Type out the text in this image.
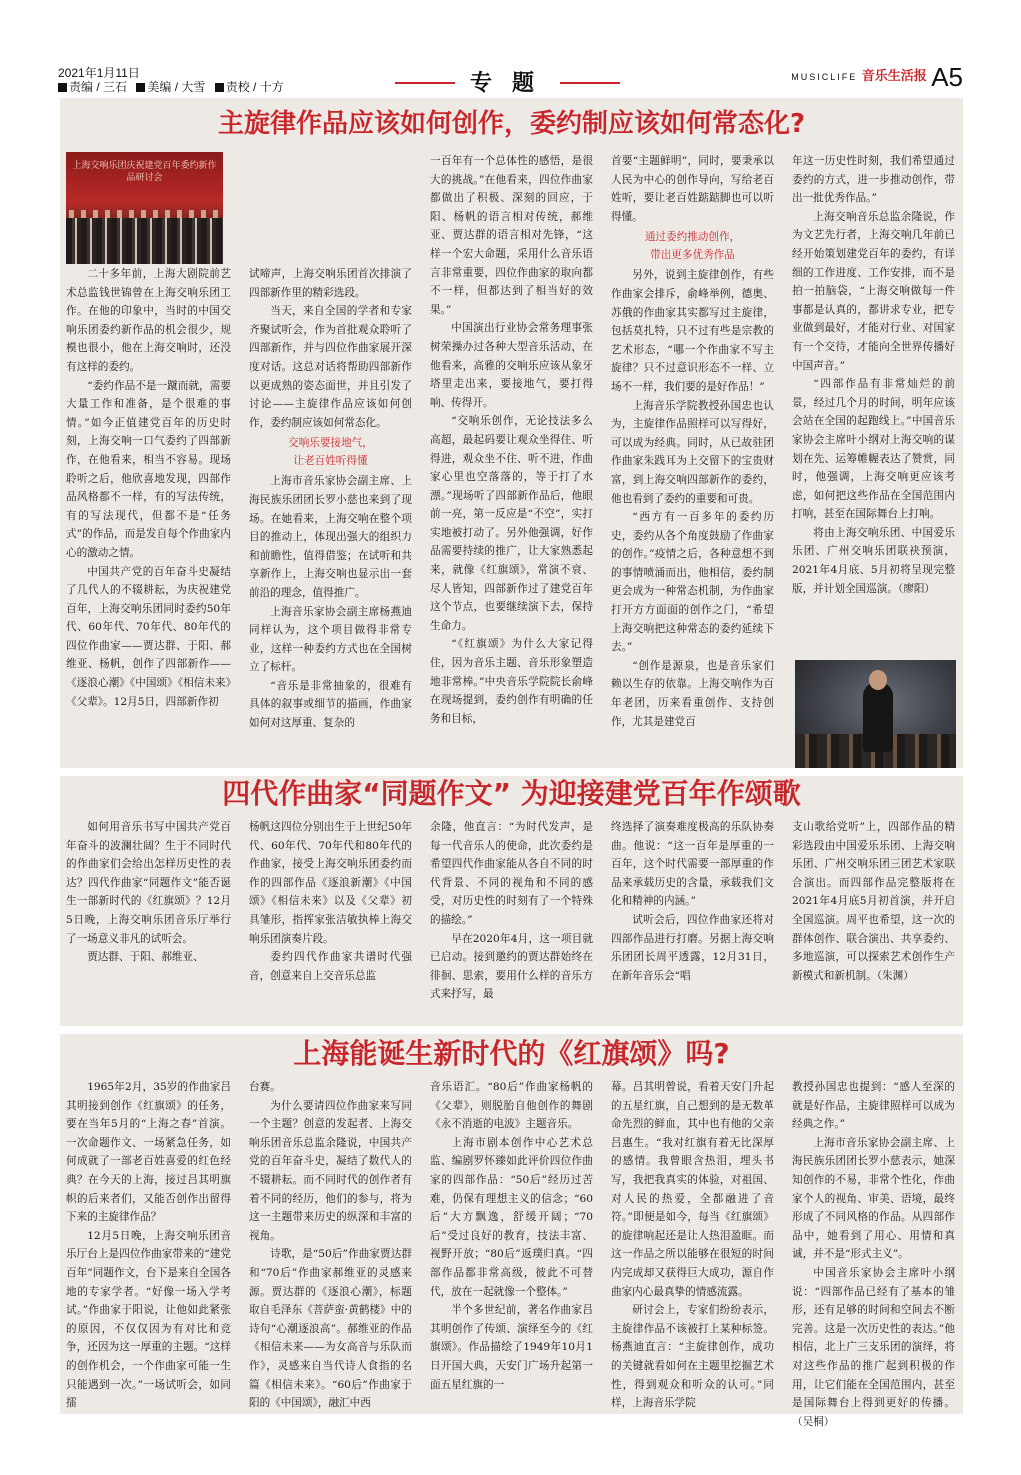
2021年1月11日
责编 / 三石 美编 / 大雪 责校 / 十方	专题	$^{MUSICLIFE}$ $^{音乐生活报}$ A5
主旋律作品应该如何创作，委约制应该如何常态化?
上海交响乐团庆祝建党百年委约新作品研讨会

二十多年前，上海大剧院前艺术总监钱世锦曾在上海交响乐团工作。在他的印象中，当时的中国交响乐团委约新作品的机会很少，规模也很小，他在上海交响时，还没有这样的委约。

“委约作品不是一蹴而就，需要大量工作和准备，是个很难的事情。”如今正值建党百年的历史时刻，上海交响一口气委约了四部新作，在他看来，相当不容易。现场聆听之后，他欣喜地发现，四部作品风格都不一样，有的写法传统，有的写法现代，但都不是“任务式”的作品，而是发自每个作曲家内心的激动之情。

中国共产党的百年奋斗史凝结了几代人的不辍耕耘，为庆祝建党百年，上海交响乐团同时委约50年代、60年代、70年代、80年代的四位作曲家——贾达群、于阳、郝维亚、杨帆，创作了四部新作——《逐浪心潮》《中国颂》《相信未来》《父辈》。12月5日，四部新作初

试啼声，上海交响乐团首次排演了四部新作里的精彩选段。

当天，来自全国的学者和专家齐聚试听会，作为首批观众聆听了四部新作，并与四位作曲家展开深度对话。这总对话将帮助四部新作以更成熟的姿态面世，并且引发了讨论——主旋律作品应该如何创作，委约制应该如何常态化。

交响乐要接地气，
让老百姓听得懂

上海市音乐家协会副主席、上海民族乐团团长罗小慈也来到了现场。在她看来，上海交响在整个项目的推动上，体现出强大的组织力和前瞻性，值得借鉴；在试听和共享新作上，上海交响也显示出一套前沿的理念，值得推广。

上海音乐家协会副主席杨燕迪同样认为，这个项目做得非常专业，这样一种委约方式也在全国树立了标杆。

“音乐是非常抽象的，很难有具体的叙事或细节的描画，作曲家如何对这厚重、复杂的

一百年有一个总体性的感悟，是很大的挑战。”在他看来，四位作曲家都做出了积极、深刻的回应，于阳、杨帆的语言相对传统，郝维亚、贾达群的语言相对先锋，“这样一个宏大命题，采用什么音乐语言非常重要，四位作曲家的取向都不一样，但都达到了相当好的效果。”

中国演出行业协会常务理事张树荣操办过各种大型音乐活动，在他看来，高雅的交响乐应该从象牙塔里走出来，要接地气，要打得响、传得开。

“交响乐创作，无论技法多么高超，最起码要让观众坐得住、听得进，观众坐不住、听不进，作曲家心里也空落落的，等于打了水漂。”现场听了四部新作品后，他眼前一亮，第一反应是“不空”，实打实地被打动了。另外他强调，好作品需要持续的推广，让大家熟悉起来，就像《红旗颂》，常演不衰、尽人皆知，四部新作过了建党百年这个节点，也要继续演下去，保持生命力。

“《红旗颂》为什么大家记得住，因为音乐主题、音乐形象塑造地非常棒。”中央音乐学院院长俞峰在现场提到，委约创作有明确的任务和目标，

首要“主题鲜明”，同时，要秉承以人民为中心的创作导向，写给老百姓听，要让老百姓踮踮脚也可以听得懂。

通过委约推动创作，
带出更多优秀作品

另外，说到主旋律创作，有些作曲家会排斥，俞峰举例，德奥、苏俄的作曲家其实都写过主旋律，包括莫扎特，只不过有些是宗教的艺术形态，“哪一个作曲家不写主旋律？只不过意识形态不一样、立场不一样，我们要的是好作品！”

上海音乐学院教授孙国忠也认为，主旋律作品照样可以写得好，可以成为经典。同时，从已故驻团作曲家朱践耳为上交留下的宝贵财富，到上海交响四部新作的委约，他也看到了委约的重要和可贵。

“西方有一百多年的委约历史，委约从各个角度鼓励了作曲家的创作。”疫情之后，各种意想不到的事情喷涌而出，他相信，委约制更会成为一种常态机制，为作曲家打开方方面面的创作之门，“希望上海交响把这种常态的委约延续下去。”

“创作是源泉，也是音乐家们赖以生存的依靠。上海交响作为百年老团，历来看重创作、支持创作，尤其是建党百

年这一历史性时刻，我们希望通过委约的方式，进一步推动创作，带出一批优秀作品。”

上海交响音乐总监余隆说，作为文艺先行者，上海交响几年前已经开始策划建党百年的委约，有详细的工作进度、工作安排，而不是拍一拍脑袋，“上海交响做每一件事都是认真的，都讲求专业，把专业做到最好，才能对行业、对国家有一个交待，才能向全世界传播好中国声音。”

“四部作品有非常灿烂的前景，经过几个月的时间，明年应该会站在全国的起跑线上。”中国音乐家协会主席叶小纲对上海交响的谋划在先、运筹帷幄表达了赞赏，同时，他强调，上海交响更应该考虑，如何把这些作品在全国范围内打响，甚至在国际舞台上打响。

将由上海交响乐团、中国爱乐乐团、广州交响乐团联袂预演，2021年4月底、5月初将呈现完整版，并计划全国巡演。（廖阳）

四代作曲家“同题作文” 为迎接建党百年作颂歌

如何用音乐书写中国共产党百年奋斗的波澜壮阔？生于不同时代的作曲家们会给出怎样历史性的表达？四代作曲家“同题作文”能否诞生一部新时代的《红旗颂》？12月5日晚，上海交响乐团音乐厅举行了一场意义非凡的试听会。

贾达群、于阳、郝维亚、

杨帆这四位分别出生于上世纪50年代、60年代、70年代和80年代的作曲家，接受上海交响乐团委约而作的四部作品《逐浪新潮》《中国颂》《相信未来》以及《父辈》初具雏形，指挥家张洁敏执棒上海交响乐团演奏片段。

委约四代作曲家共谱时代强音，创意来自上交音乐总监

余隆，他直言：“为时代发声，是每一代音乐人的使命，此次委约是希望四代作曲家能从各自不同的时代背景、不同的视角和不同的感受，对历史性的时刻有了一个特殊的描绘。”

早在2020年4月，这一项目就已启动。接到邀约的贾达群始终在徘徊、思索，要用什么样的音乐方式来抒写，最

终选择了演奏难度极高的乐队协奏曲。他说：“这一百年是厚重的一百年，这个时代需要一部厚重的作品来承载历史的含量，承载我们文化和精神的内涵。”

试听会后，四位作曲家还将对四部作品进行打磨。另据上海交响乐团团长周平透露，12月31日，在新年音乐会“唱

支山歌给党听”上，四部作品的精彩选段由中国爱乐乐团、上海交响乐团、广州交响乐团三团艺术家联合演出。而四部作品完整版将在2021年4月底5月初首演，并开启全国巡演。周平也希望，这一次的群体创作、联合演出、共享委约、多地巡演，可以探索艺术创作生产新模式和新机制。（朱渊）

上海能诞生新时代的《红旗颂》吗?

1965年2月，35岁的作曲家吕其明接到创作《红旗颂》的任务，要在当年5月的“上海之春”首演。一次命题作文、一场紧急任务，如何成就了一部老百姓喜爱的红色经典？在今天的上海，接过吕其明旗帜的后来者们，又能否创作出留得下来的主旋律作品？

12月5日晚，上海交响乐团音乐厅台上是四位作曲家带来的“建党百年”同题作文，台下是来自全国各地的专家学者。“好像一场入学考试。”作曲家于阳说，让他如此紧张的原因，不仅仅因为有对比和竞争，还因为这一厚重的主题。“这样的创作机会，一个作曲家可能一生只能遇到一次。”一场试听会，如同擂

台赛。

为什么要请四位作曲家来写同一个主题？创意的发起者、上海交响乐团音乐总监余隆说，中国共产党的百年奋斗史，凝结了数代人的不辍耕耘。而不同时代的创作者有着不同的经历，他们的参与，将为这一主题带来历史的纵深和丰富的视角。

诗歌，是“50后”作曲家贾达群和“70后”作曲家郝维亚的灵感来源。贾达群的《逐浪心潮》，标题取自毛泽东《菩萨蛮·黄鹤楼》中的诗句“心潮逐浪高”。郝维亚的作品《相信未来——为女高音与乐队而作》，灵感来自当代诗人食指的名篇《相信未来》。“60后”作曲家于阳的《中国颂》，融汇中西

音乐语汇。“80后”作曲家杨帆的《父辈》，则脱胎自他创作的舞剧《永不消逝的电波》主题音乐。

上海市剧本创作中心艺术总监、编剧罗怀臻如此评价四位作曲家的四部作品：“50后”经历过苦难，仍保有理想主义的信念；“60后”大方飘逸，舒缓开阔；“70后”受过良好的教育，技法丰富、视野开放；“80后”返璞归真。“四部作品都非常高级，彼此不可替代，放在一起就像一个整体。”

半个多世纪前，著名作曲家吕其明创作了传颂、演绎至今的《红旗颂》。作品描绘了1949年10月1日开国大典，天安门广场升起第一面五星红旗的一

幕。吕其明曾说，看着天安门升起的五星红旗，自己想到的是无数革命先烈的鲜血，其中也有他的父亲吕惠生。“我对红旗有着无比深厚的感情。我曾眼含热泪，埋头书写，我把我真实的体验，对祖国、对人民的热爱，全都融进了音符。”即便是如今，每当《红旗颂》的旋律响起还是让人热泪盈眶。而这一作品之所以能够在很短的时间内完成却又获得巨大成功，源自作曲家内心最真挚的情感流露。

研讨会上，专家们纷纷表示，主旋律作品不该被打上某种标签。杨燕迪直言：“主旋律创作，成功的关键就看如何在主题里挖掘艺术性，得到观众和听众的认可。”同样，上海音乐学院

教授孙国忠也提到：“感人至深的就是好作品，主旋律照样可以成为经典之作。”

上海市音乐家协会副主席、上海民族乐团团长罗小慈表示，她深知创作的不易，非常个性化，作曲家个人的视角、审美、语境，最终形成了不同风格的作品。从四部作品中，她看到了用心、用情和真诚，并不是“形式主义”。

中国音乐家协会主席叶小纲说：“四部作品已经有了基本的雏形，还有足够的时间和空间去不断完善。这是一次历史性的表达。”他相信，北上广三支乐团的演绎，将对这些作品的推广起到积极的作用，让它们能在全国范围内，甚至是国际舞台上得到更好的传播。（吴桐）
